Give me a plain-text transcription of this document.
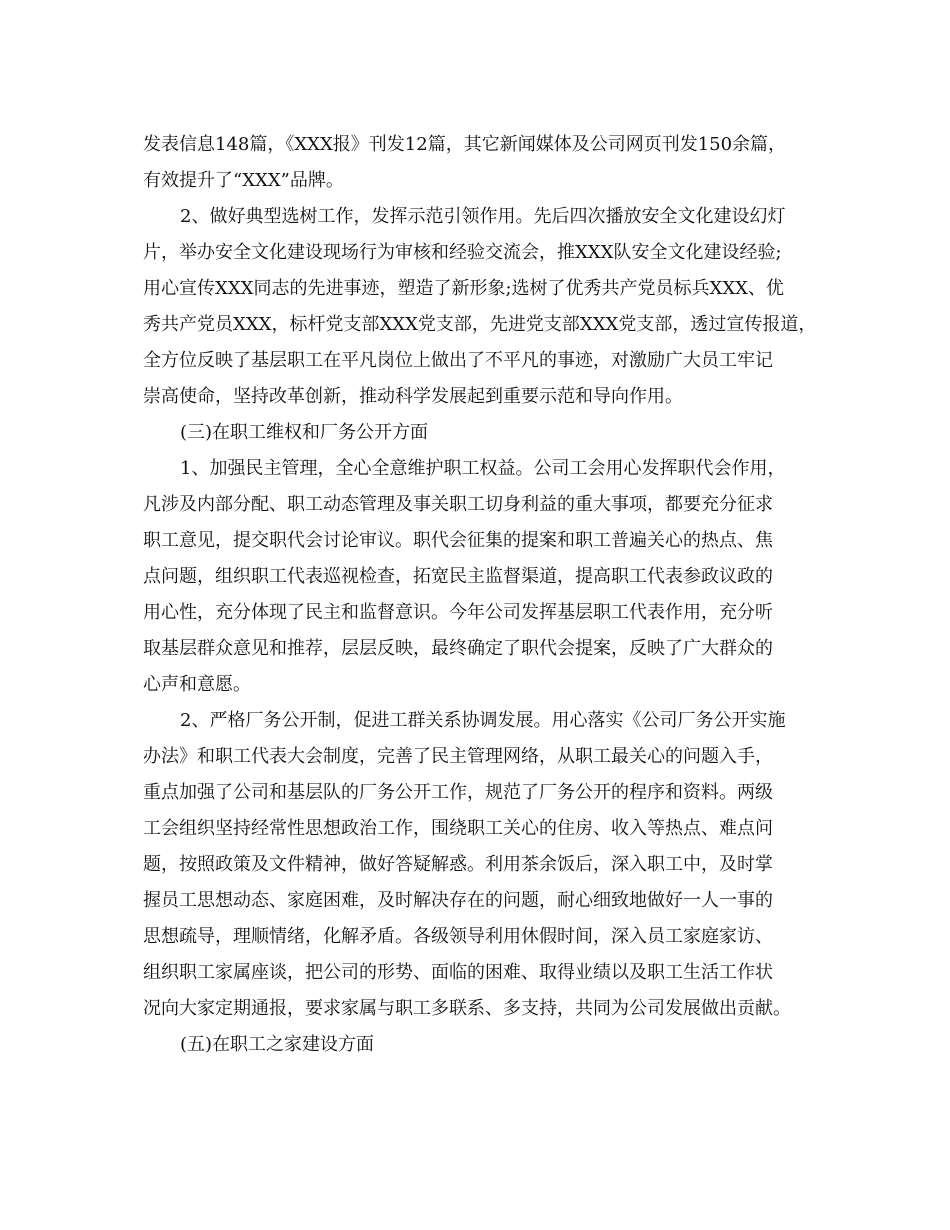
发表信息148篇，《XXX报》刊发12篇，其它新闻媒体及公司网页刊发150余篇，
有效提升了“XXX”品牌。
2、做好典型选树工作，发挥示范引领作用。先后四次播放安全文化建设幻灯
片，举办安全文化建设现场行为审核和经验交流会，推XXX队安全文化建设经验;
用心宣传XXX同志的先进事迹，塑造了新形象;选树了优秀共产党员标兵XXX、优
秀共产党员XXX，标杆党支部XXX党支部，先进党支部XXX党支部，透过宣传报道，
全方位反映了基层职工在平凡岗位上做出了不平凡的事迹，对激励广大员工牢记
崇高使命，坚持改革创新，推动科学发展起到重要示范和导向作用。
(三)在职工维权和厂务公开方面
1、加强民主管理，全心全意维护职工权益。公司工会用心发挥职代会作用，
凡涉及内部分配、职工动态管理及事关职工切身利益的重大事项，都要充分征求
职工意见，提交职代会讨论审议。职代会征集的提案和职工普遍关心的热点、焦
点问题，组织职工代表巡视检查，拓宽民主监督渠道，提高职工代表参政议政的
用心性，充分体现了民主和监督意识。今年公司发挥基层职工代表作用，充分听
取基层群众意见和推荐，层层反映，最终确定了职代会提案，反映了广大群众的
心声和意愿。
2、严格厂务公开制，促进工群关系协调发展。用心落实《公司厂务公开实施
办法》和职工代表大会制度，完善了民主管理网络，从职工最关心的问题入手，
重点加强了公司和基层队的厂务公开工作，规范了厂务公开的程序和资料。两级
工会组织坚持经常性思想政治工作，围绕职工关心的住房、收入等热点、难点问
题，按照政策及文件精神，做好答疑解惑。利用茶余饭后，深入职工中，及时掌
握员工思想动态、家庭困难，及时解决存在的问题，耐心细致地做好一人一事的
思想疏导，理顺情绪，化解矛盾。各级领导利用休假时间，深入员工家庭家访、
组织职工家属座谈，把公司的形势、面临的困难、取得业绩以及职工生活工作状
况向大家定期通报，要求家属与职工多联系、多支持，共同为公司发展做出贡献。
(五)在职工之家建设方面
